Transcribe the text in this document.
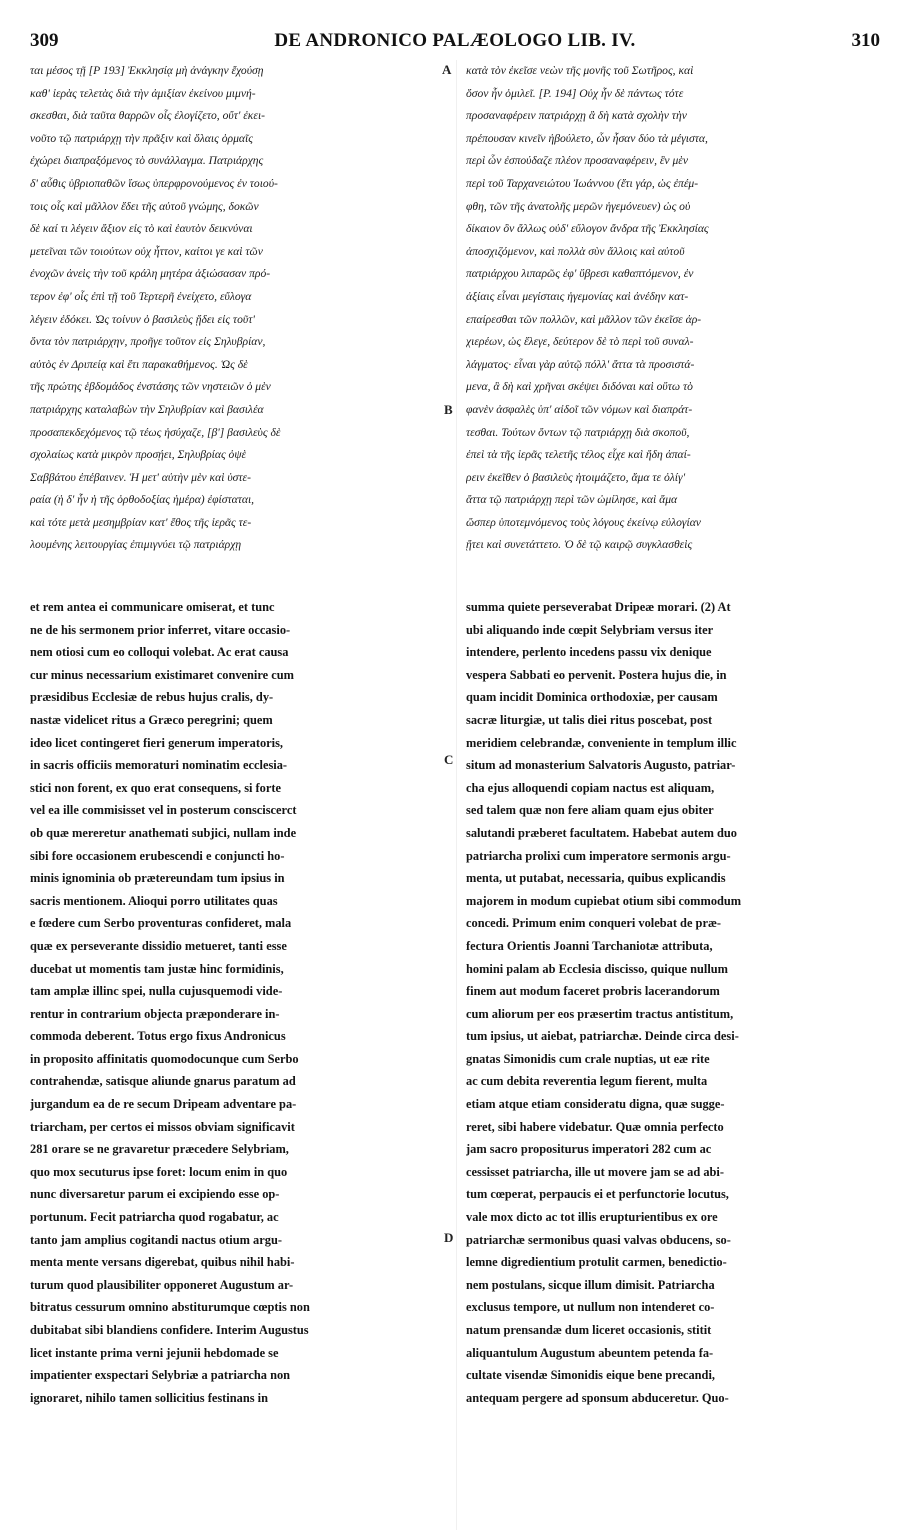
309	DE ANDRONICO PALÆOLOGO LIB. IV.	310
A
B
C
D
ται μέσος τῇ [P 193] Ἐκκλησίᾳ μὴ ἀνάγκην ἔχούσῃ
καθ' ἱερὰς τελετὰς διὰ τὴν ἀμιξίαν ἐκείνου μιμνή-
σκεσθαι, διὰ ταῦτα θαρρῶν οἷς ἐλογίζετο, οὔτ' ἐκει-
νοῦτο τῷ πατριάρχῃ τὴν πρᾶξιν καὶ ὅλαις ὁρμαῖς
ἐχώρει διαπραξόμενος τὸ συνάλλαγμα. Πατριάρχης
δ' αὖθις ὑβριοπαθῶν ἴσως ὑπερφρονούμενος ἐν τοιού-
τοις οἷς καὶ μᾶλλον ἔδει τῆς αὐτοῦ γνώμης, δοκῶν
δὲ καί τι λέγειν ἄξιον εἰς τὸ καὶ ἑαυτὸν δεικνύναι
μετεῖναι τῶν τοιούτων οὐχ ἧττον, καίτοι γε καὶ τῶν
ἐνοχῶν ἀνεὶς τὴν τοῦ κράλη μητέρα ἀξιώσασαν πρό-
τερον ἐφ' οἷς ἐπὶ τῇ τοῦ Τερτερῆ ἐνείχετο, εὔλογα
λέγειν ἐδόκει. Ὡς τοίνυν ὁ βασιλεὺς ᾔδει εἰς τοῦτ'
ὄντα τὸν πατριάρχην, προῆγε τοῦτον εἰς Σηλυβρίαν,
αὐτὸς ἐν Δριπείᾳ καὶ ἔτι παρακαθήμενος. Ὡς δὲ
τῆς πρώτης ἑβδομάδος ἐνστάσης τῶν νηστειῶν ὁ μὲν
πατριάρχης καταλαβὼν τὴν Σηλυβρίαν καὶ βασιλέα
προσαπεκδεχόμενος τῷ τέως ἡσύχαζε, [β'] βασιλεὺς δὲ
σχολαίως κατὰ μικρὸν προσῄει, Σηλυβρίας ὀψὲ
Σαββάτου ἐπέβαινεν. Ἡ μετ' αὐτὴν μὲν καὶ ὑστε-
ραία (ἡ δ' ἦν ἡ τῆς ὀρθοδοξίας ἡμέρα) ἐφίσταται,
καὶ τότε μετὰ μεσημβρίαν κατ' ἔθος τῆς ἱερᾶς τε-
λουμένης λειτουργίας ἐπιμιγνύει τῷ πατριάρχῃ
κατὰ τὸν ἐκεῖσε νεὼν τῆς μονῆς τοῦ Σωτῆρος, καὶ
ὅσον ἦν ὁμιλεῖ. [P. 194] Οὐχ ἧν δὲ πάντως τότε
προσαναφέρειν πατριάρχῃ ἃ δὴ κατὰ σχολὴν τὴν
πρέπουσαν κινεῖν ἠβούλετο, ὧν ἦσαν δύο τὰ μέγιστα,
περὶ ὧν ἐσπούδαζε πλέον προσαναφέρειν, ἓν μὲν
περὶ τοῦ Ταρχανειώτου Ἰωάννου (ἔτι γάρ, ὡς ἐπέμ-
φθη, τῶν τῆς ἀνατολῆς μερῶν ἡγεμόνευεν) ὡς οὐ
δίκαιον ὂν ἄλλως οὐδ' εὔλογον ἄνδρα τῆς Ἐκκλησίας
ἀποσχιζόμενον, καὶ πολλὰ σὺν ἄλλοις καὶ αὐτοῦ
πατριάρχου λιπαρῶς ἐφ' ὕβρεσι καθαπτόμενον, ἐν
ἀξίαις εἶναι μεγίσταις ἡγεμονίας καὶ ἀνέδην κατ-
επαίρεσθαι τῶν πολλῶν, καὶ μᾶλλον τῶν ἐκεῖσε ἀρ-
χιερέων, ὡς ἔλεγε, δεύτερον δὲ τὸ περὶ τοῦ συναλ-
λάγματος· εἶναι γὰρ αὐτῷ πόλλ' ἄττα τὰ προσιστά-
μενα, ἃ δὴ καὶ χρῆναι σκέψει διδόναι καὶ οὕτω τὸ
φανὲν ἀσφαλὲς ὑπ' αἰδοῖ τῶν νόμων καὶ διαπράτ-
τεσθαι. Τούτων ὄντων τῷ πατριάρχῃ διὰ σκοποῦ,
ἐπεὶ τὰ τῆς ἱερᾶς τελετῆς τέλος εἶχε καὶ ἤδη ἀπαί-
ρειν ἐκεῖθεν ὁ βασιλεὺς ἡτοιμάζετο, ἅμα τε ὀλίγ'
ἄττα τῷ πατριάρχῃ περὶ τῶν ὡμίλησε, καὶ ἅμα
ὥσπερ ὑποτεμνόμενος τοὺς λόγους ἐκείνῳ εὐλογίαν
ᾔτει καὶ συνετάττετο. Ὁ δὲ τῷ καιρῷ συγκλασθεὶς
et rem antea ei communicare omiserat, et tunc
ne de his sermonem prior inferret, vitare occasio-
nem otiosi cum eo colloqui volebat. Ac erat causa
cur minus necessarium existimaret convenire cum
præsidibus Ecclesiæ de rebus hujus cralis, dy-
nastæ videlicet ritus a Græco peregrini; quem
ideo licet contingeret fieri generum imperatoris,
in sacris officiis memoraturi nominatim ecclesia-
stici non forent, ex quo erat consequens, si forte
vel ea ille commisisset vel in posterum consciscerct
ob quæ mereretur anathemati subjici, nullam inde
sibi fore occasionem erubescendi e conjuncti ho-
minis ignominia ob prætereundam tum ipsius in
sacris mentionem. Alioqui porro utilitates quas
e fœdere cum Serbo proventuras confideret, mala
quæ ex perseverante dissidio metueret, tanti esse
ducebat ut momentis tam justæ hinc formidinis,
tam amplæ illinc spei, nulla cujusquemodi vide-
rentur in contrarium objecta præponderare in-
commoda deberent. Totus ergo fixus Andronicus
in proposito affinitatis quomodocunque cum Serbo
contrahendæ, satisque aliunde gnarus paratum ad
jurgandum ea de re secum Dripeam adventare pa-
triarcham, per certos ei missos obviam significavit
281 orare se ne gravaretur præcedere Selybriam,
quo mox secuturus ipse foret: locum enim in quo
nunc diversaretur parum ei excipiendo esse op-
portunum. Fecit patriarcha quod rogabatur, ac
tanto jam amplius cogitandi nactus otium argu-
menta mente versans digerebat, quibus nihil habi-
turum quod plausibiliter opponeret Augustum ar-
bitratus cessurum omnino abstiturumque cœptis non
dubitabat sibi blandiens confidere. Interim Augustus
licet instante prima verni jejunii hebdomade se
impatienter exspectari Selybriæ a patriarcha non
ignoraret, nihilo tamen sollicitius festinans in
summa quiete perseverabat Dripeæ morari. (2) At
ubi aliquando inde cœpit Selybriam versus iter
intendere, perlento incedens passu vix denique
vespera Sabbati eo pervenit. Postera hujus die, in
quam incidit Dominica orthodoxiæ, per causam
sacræ liturgiæ, ut talis diei ritus poscebat, post
meridiem celebrandæ, conveniente in templum illic
situm ad monasterium Salvatoris Augusto, patriar-
cha ejus alloquendi copiam nactus est aliquam,
sed talem quæ non fere aliam quam ejus obiter
salutandi præberet facultatem. Habebat autem duo
patriarcha prolixi cum imperatore sermonis argu-
menta, ut putabat, necessaria, quibus explicandis
majorem in modum cupiebat otium sibi commodum
concedi. Primum enim conqueri volebat de præ-
fectura Orientis Joanni Tarchaniotæ attributa,
homini palam ab Ecclesia discisso, quique nullum
finem aut modum faceret probris lacerandorum
cum aliorum per eos præsertim tractus antistitum,
tum ipsius, ut aiebat, patriarchæ. Deinde circa desi-
gnatas Simonidis cum crale nuptias, ut eæ rite
ac cum debita reverentia legum fierent, multa
etiam atque etiam consideratu digna, quæ sugge-
reret, sibi habere videbatur. Quæ omnia perfecto
jam sacro propositurus imperatori 282 cum ac
cessisset patriarcha, ille ut movere jam se ad abi-
tum cœperat, perpaucis ei et perfunctorie locutus,
vale mox dicto ac tot illis erupturientibus ex ore
patriarchæ sermonibus quasi valvas obducens, so-
lemne digredientium protulit carmen, benedictio-
nem postulans, sicque illum dimisit. Patriarcha
exclusus tempore, ut nullum non intenderet co-
natum prensandæ dum liceret occasionis, stitit
aliquantulum Augustum abeuntem petenda fa-
cultate visendæ Simonidis eique bene precandi,
antequam pergere ad sponsum abduceretur. Quo-
